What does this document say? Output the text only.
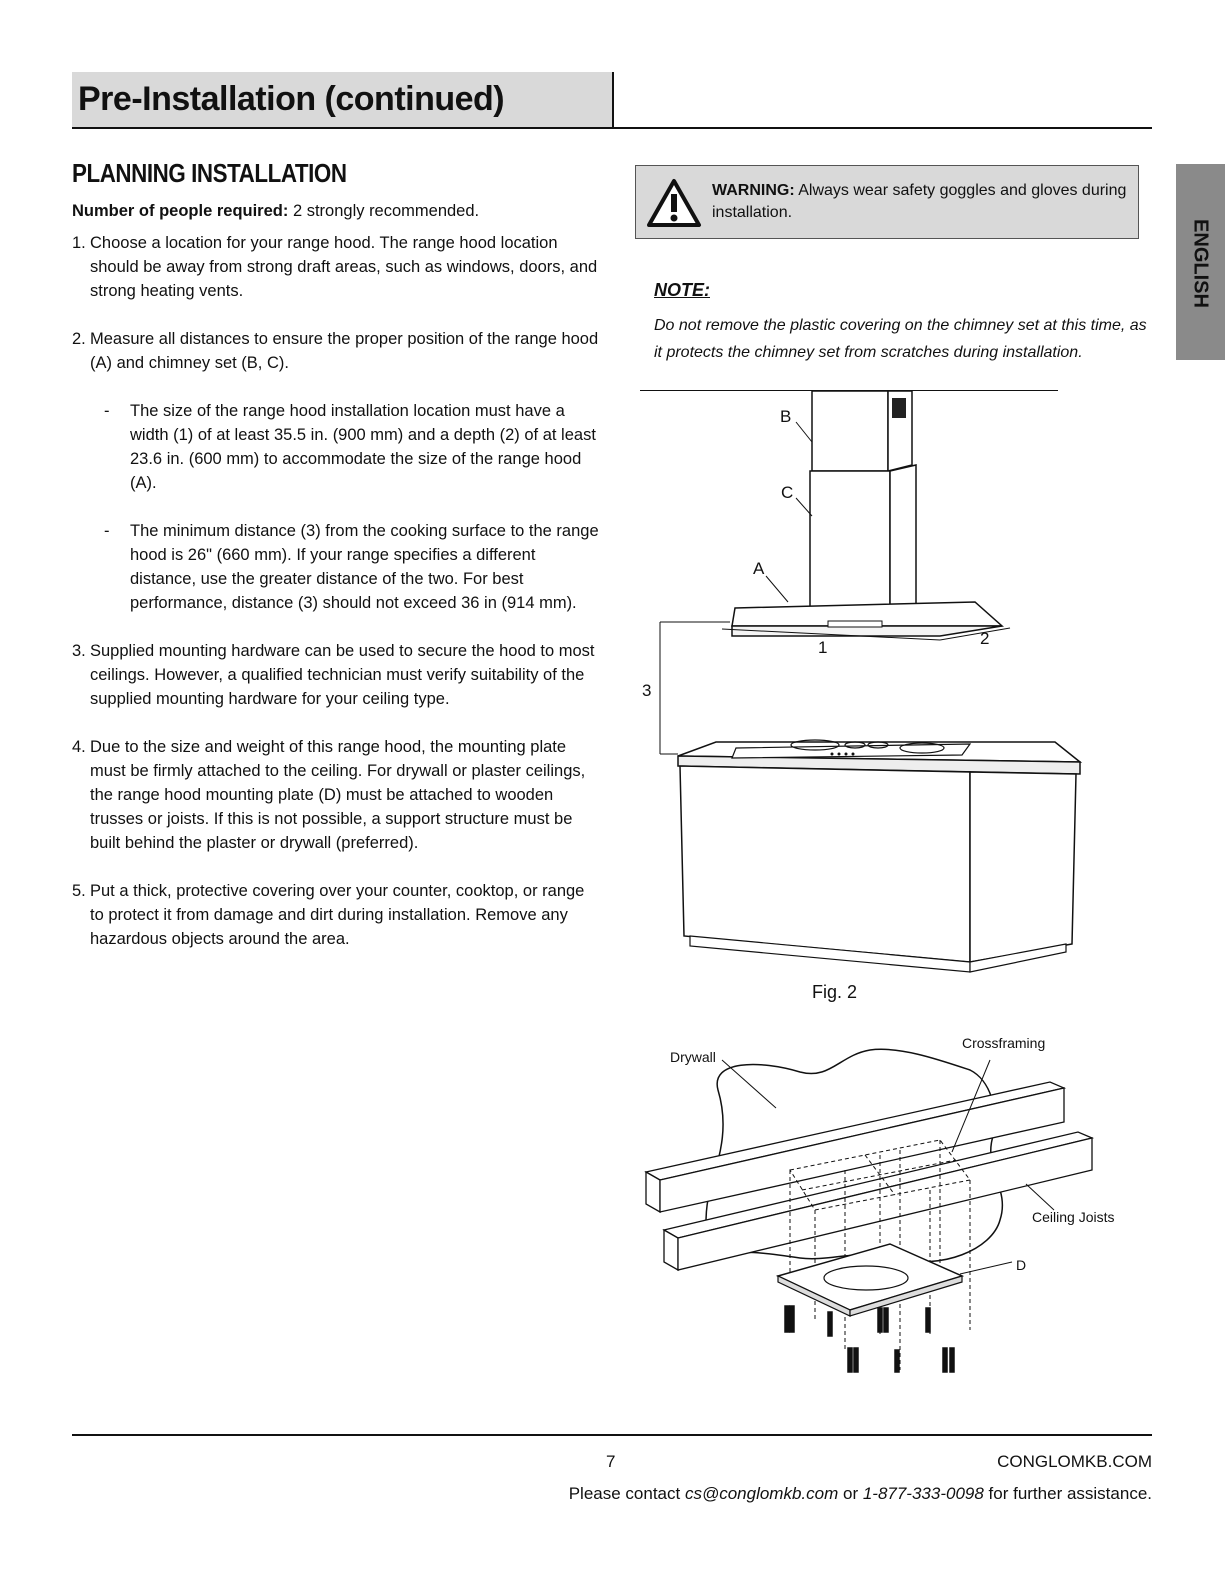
Pre-Installation (continued)
ENGLISH
PLANNING INSTALLATION
Number of people required: 2 strongly recommended.
1. Choose a location for your range hood. The range hood location should be away from strong draft areas, such as windows, doors, and strong heating vents.
2. Measure all distances to ensure the proper position of the range hood (A) and chimney set (B, C).
- The size of the range hood installation location must have a width (1) of at least 35.5 in. (900 mm) and a depth (2) of at least 23.6 in. (600 mm) to accommodate the size of the range hood (A).
- The minimum distance (3) from the cooking surface to the range hood is 26" (660 mm). If your range specifies a different distance, use the greater distance of the two. For best performance, distance (3) should not exceed 36 in (914 mm).
3. Supplied mounting hardware can be used to secure the hood to most ceilings. However, a qualified technician must verify suitability of the supplied mounting hardware for your ceiling type.
4. Due to the size and weight of this range hood, the mounting plate must be firmly attached to the ceiling. For drywall or plaster ceilings, the range hood mounting plate (D) must be attached to wooden trusses or joists. If this is not possible, a support structure must be built behind the plaster or drywall (preferred).
5. Put a thick, protective covering over your counter, cooktop, or range to protect it from damage and dirt during installation. Remove any hazardous objects around the area.
WARNING: Always wear safety goggles and gloves during installation.
NOTE:
Do not remove the plastic covering on the chimney set at this time, as it protects the chimney set from scratches during installation.
B
C
A
1	2
3
Fig. 2
Drywall
Crossframing
Ceiling Joists
D
7	CONGLOMKB.COM
Please contact cs@conglomkb.com or 1-877-333-0098 for further assistance.
